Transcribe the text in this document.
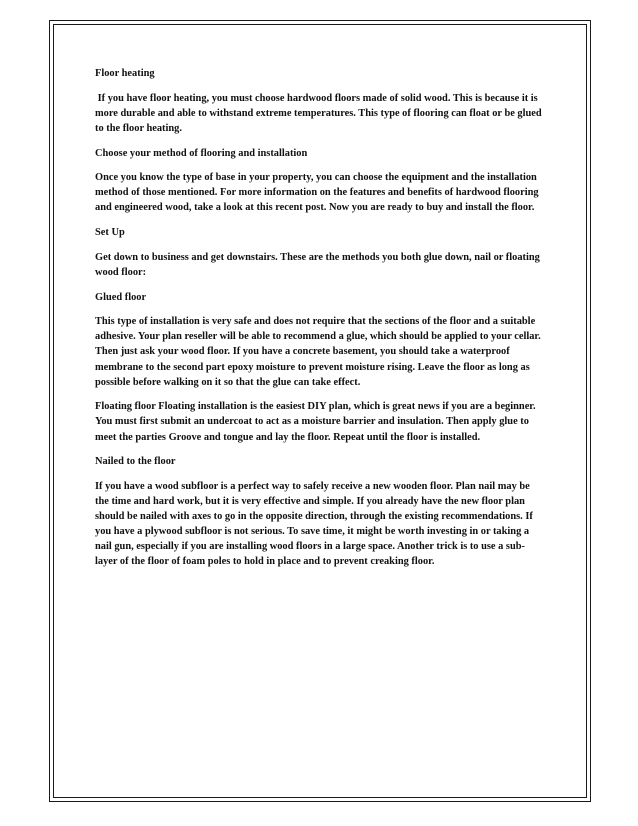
Floor heating

If you have floor heating, you must choose hardwood floors made of solid wood. This is because it is more durable and able to withstand extreme temperatures. This type of flooring can float or be glued to the floor heating.

Choose your method of flooring and installation

Once you know the type of base in your property, you can choose the equipment and the installation method of those mentioned. For more information on the features and benefits of hardwood flooring and engineered wood, take a look at this recent post. Now you are ready to buy and install the floor.

Set Up

Get down to business and get downstairs. These are the methods you both glue down, nail or floating wood floor:

Glued floor

This type of installation is very safe and does not require that the sections of the floor and a suitable adhesive. Your plan reseller will be able to recommend a glue, which should be applied to your cellar. Then just ask your wood floor. If you have a concrete basement, you should take a waterproof membrane to the second part epoxy moisture to prevent moisture rising. Leave the floor as long as possible before walking on it so that the glue can take effect.

Floating floor Floating installation is the easiest DIY plan, which is great news if you are a beginner. You must first submit an undercoat to act as a moisture barrier and insulation. Then apply glue to meet the parties Groove and tongue and lay the floor. Repeat until the floor is installed.

Nailed to the floor

If you have a wood subfloor is a perfect way to safely receive a new wooden floor. Plan nail may be the time and hard work, but it is very effective and simple. If you already have the new floor plan should be nailed with axes to go in the opposite direction, through the existing recommendations. If you have a plywood subfloor is not serious. To save time, it might be worth investing in or taking a nail gun, especially if you are installing wood floors in a large space. Another trick is to use a sub-layer of the floor of foam poles to hold in place and to prevent creaking floor.
